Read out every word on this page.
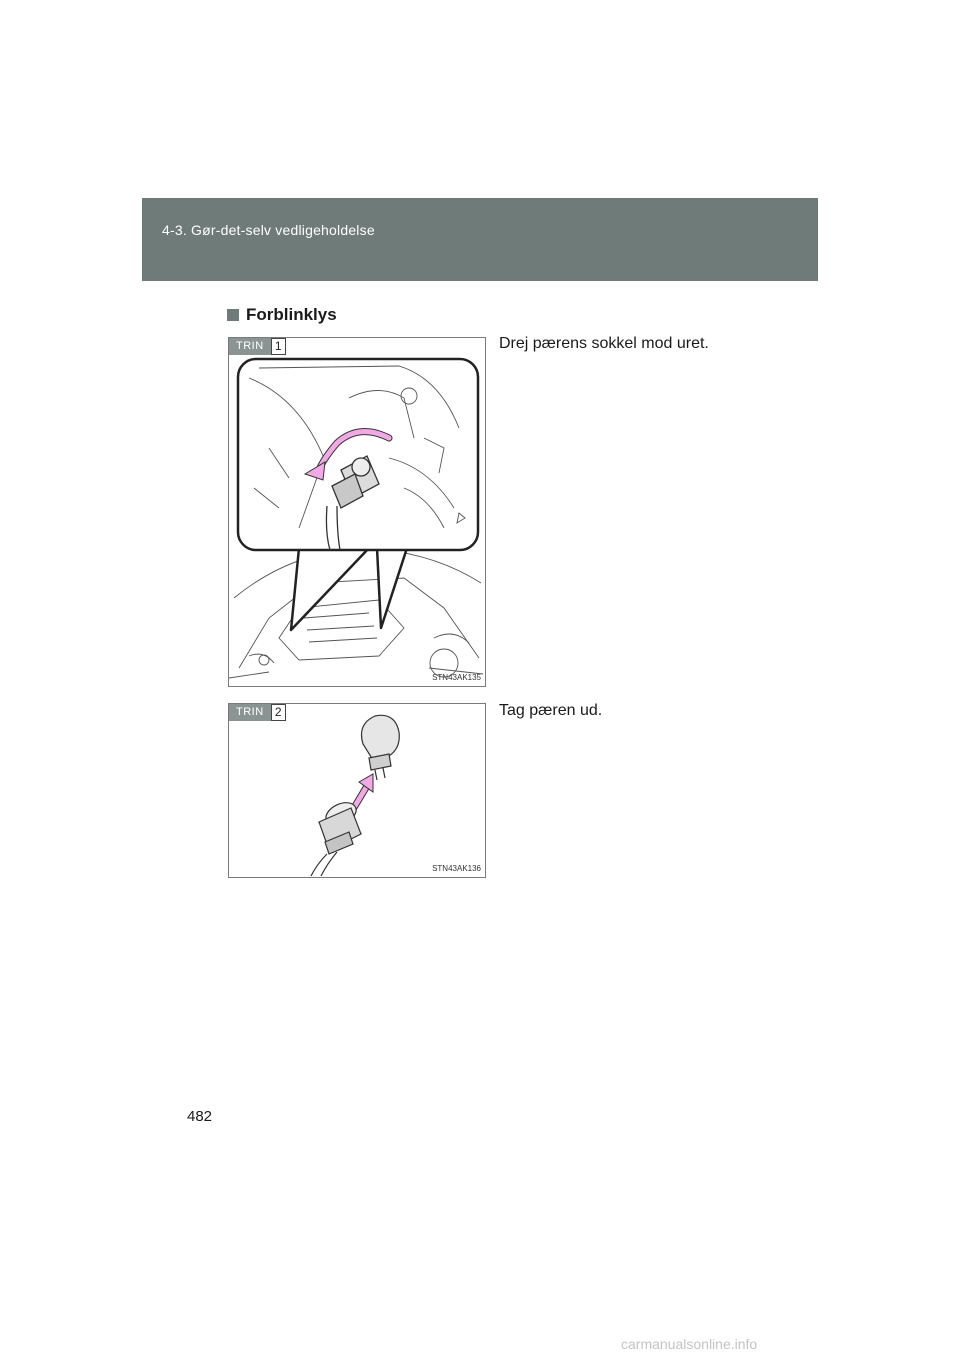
4-3. Gør-det-selv vedligeholdelse
Forblinklys
TRIN 1
STN43AK135
Drej pærens sokkel mod uret.
TRIN 2
STN43AK136
Tag pæren ud.
482
carmanualsonline.info
